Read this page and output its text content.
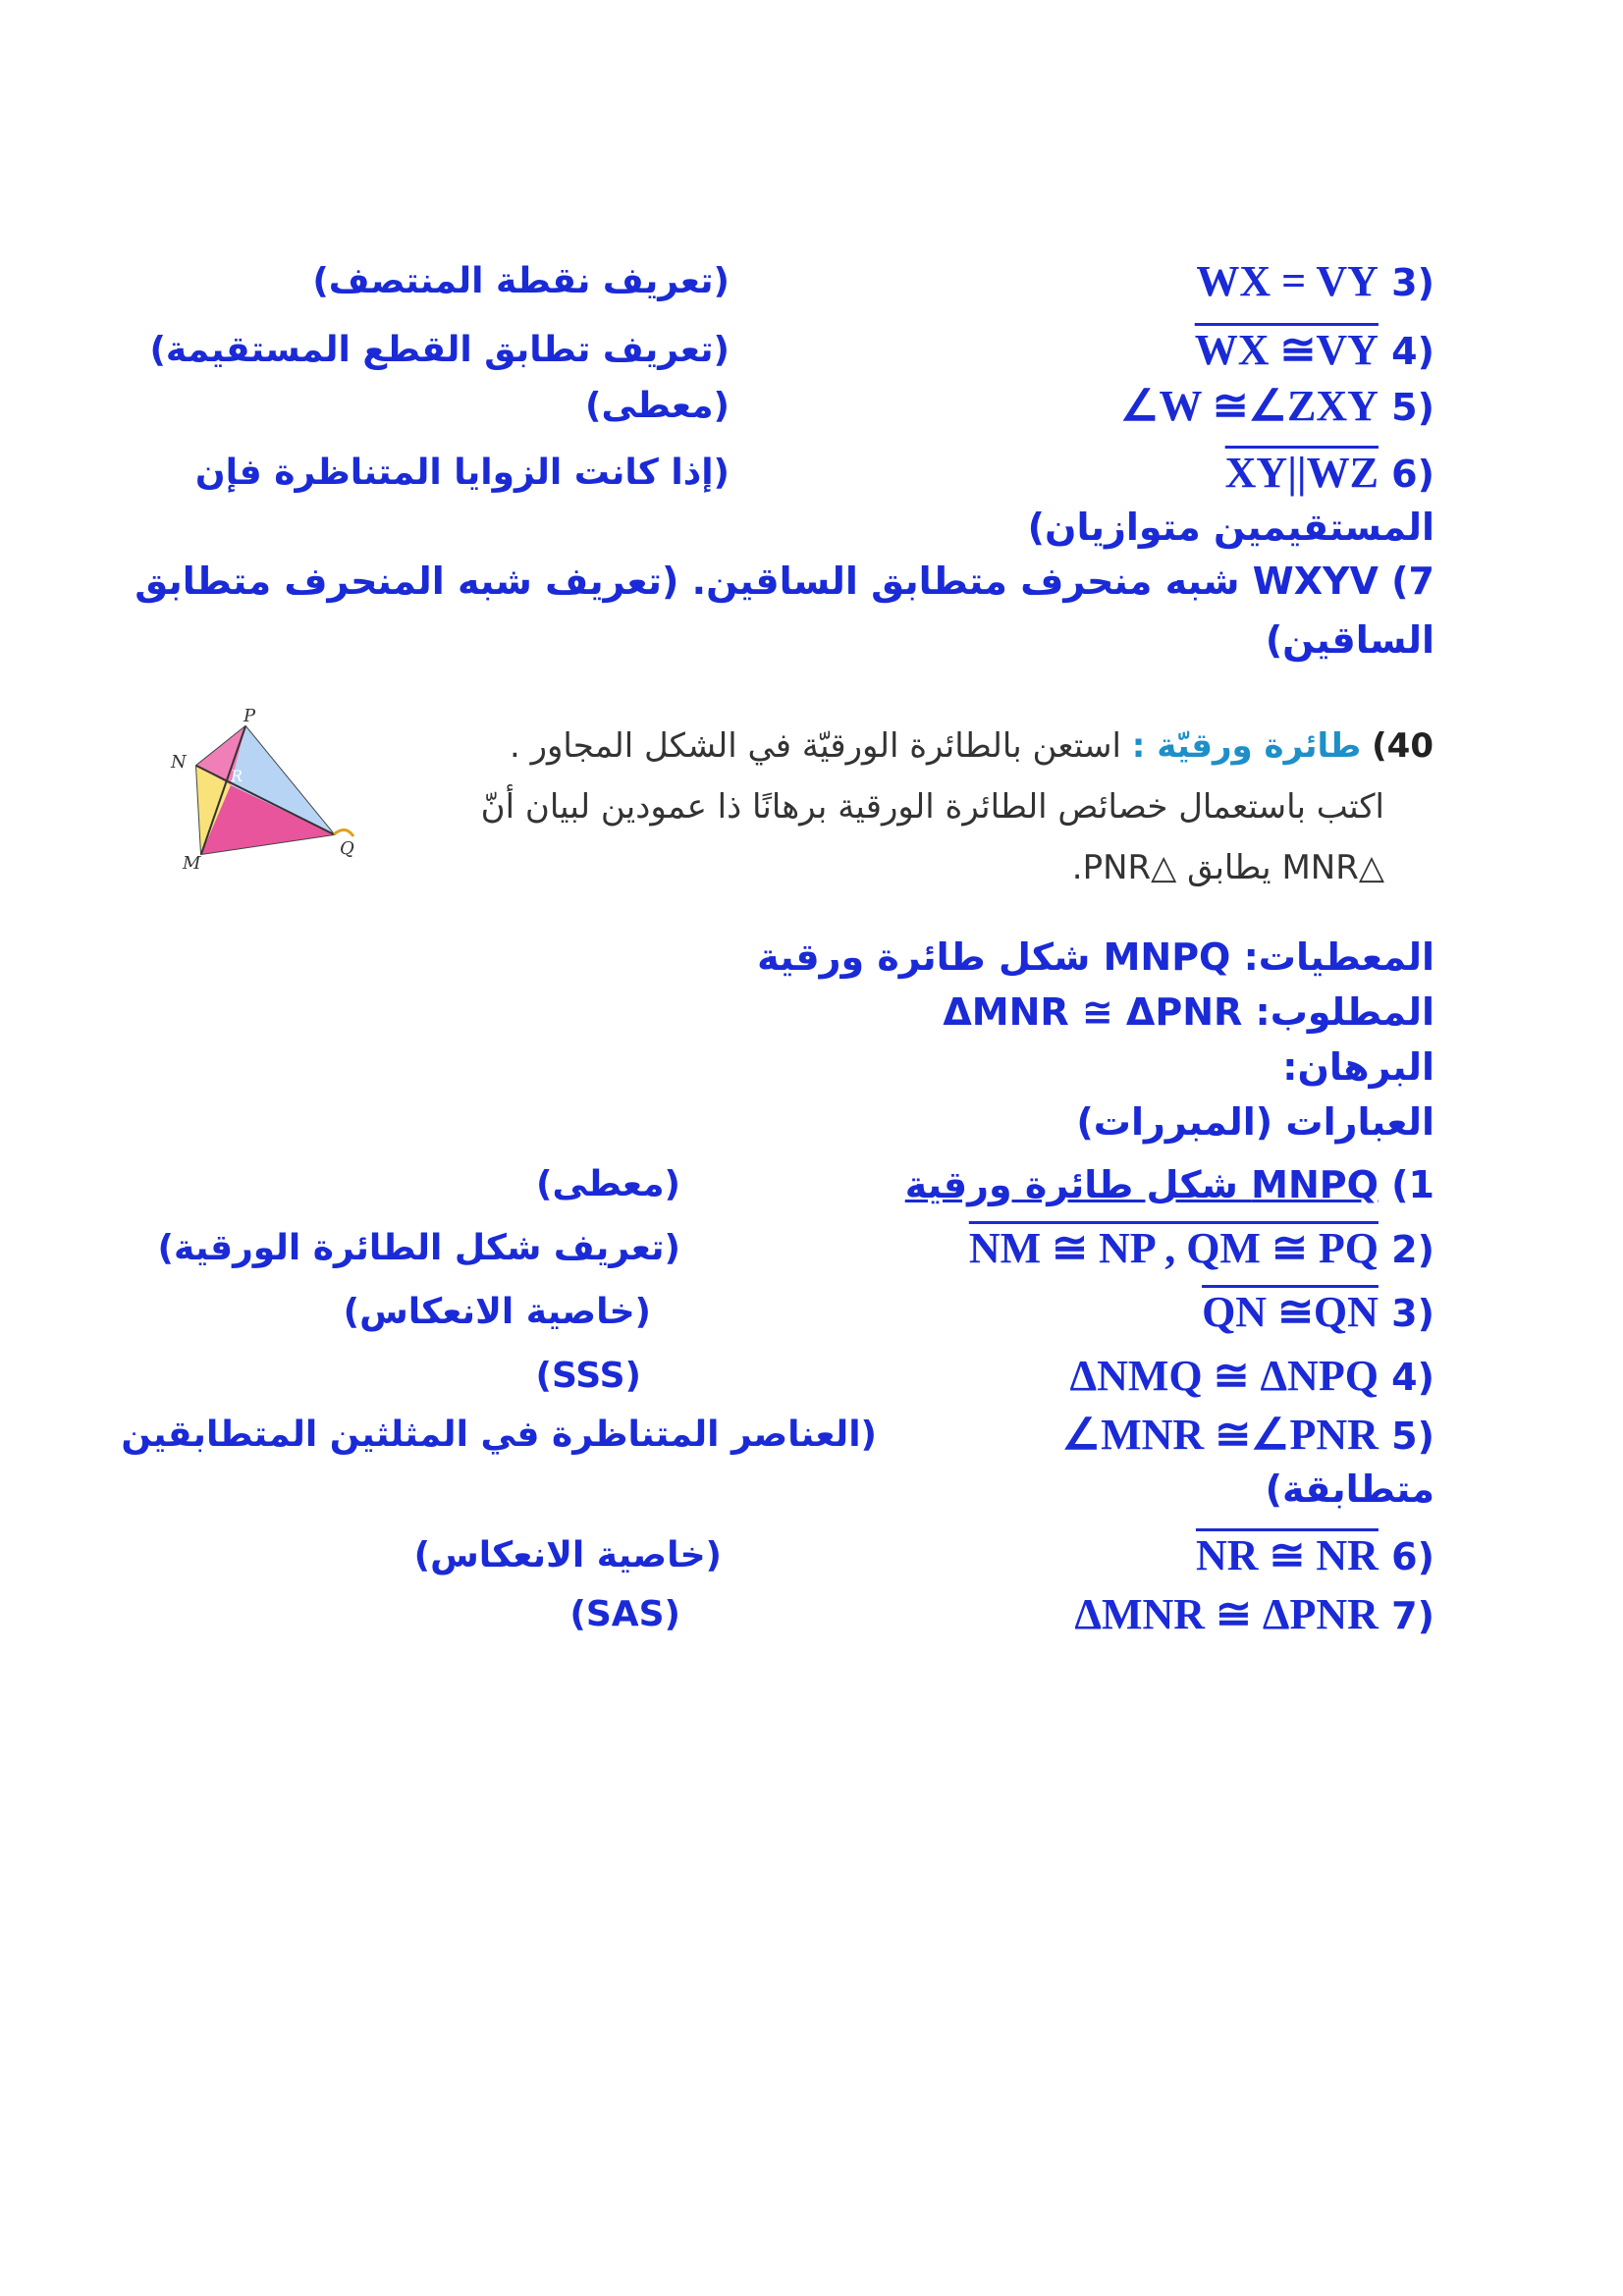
(3 WX = VY
(تعريف نقطة المنتصف)
(4 WX ≅VY
(تعريف تطابق القطع المستقيمة)
(5 ∠W ≅∠ZXY
(معطى)
(6 XY||WZ
(إذا كانت الزوايا المتناظرة فإن
المستقيمين متوازيان)
7) WXYV شبه منحرف متطابق الساقين. (تعريف شبه المنحرف متطابق
الساقين)
P
N
R
M
Q
40) طائرة ورقيّة : استعن بالطائرة الورقيّة في الشكل المجاور .
اكتب باستعمال خصائص الطائرة الورقية برهانًا ذا عمودين لبيان أنّ
△MNR يطابق △PNR.
المعطيات: MNPQ شكل طائرة ورقية
المطلوب: ΔMNR ≅ ΔPNR
البرهان:
العبارات (المبررات)
1) MNPQ شكل طائرة ورقية
(معطى)
(2 NM ≅ NP , QM ≅ PQ
(تعريف شكل الطائرة الورقية)
(3 QN ≅QN
(خاصية الانعكاس)
(4 ΔNMQ ≅ ΔNPQ
(SSS)
(5 ∠MNR ≅∠PNR
(العناصر المتناظرة في المثلثين المتطابقين
متطابقة)
(6 NR ≅ NR
(خاصية الانعكاس)
(7 ΔMNR ≅ ΔPNR
(SAS)
